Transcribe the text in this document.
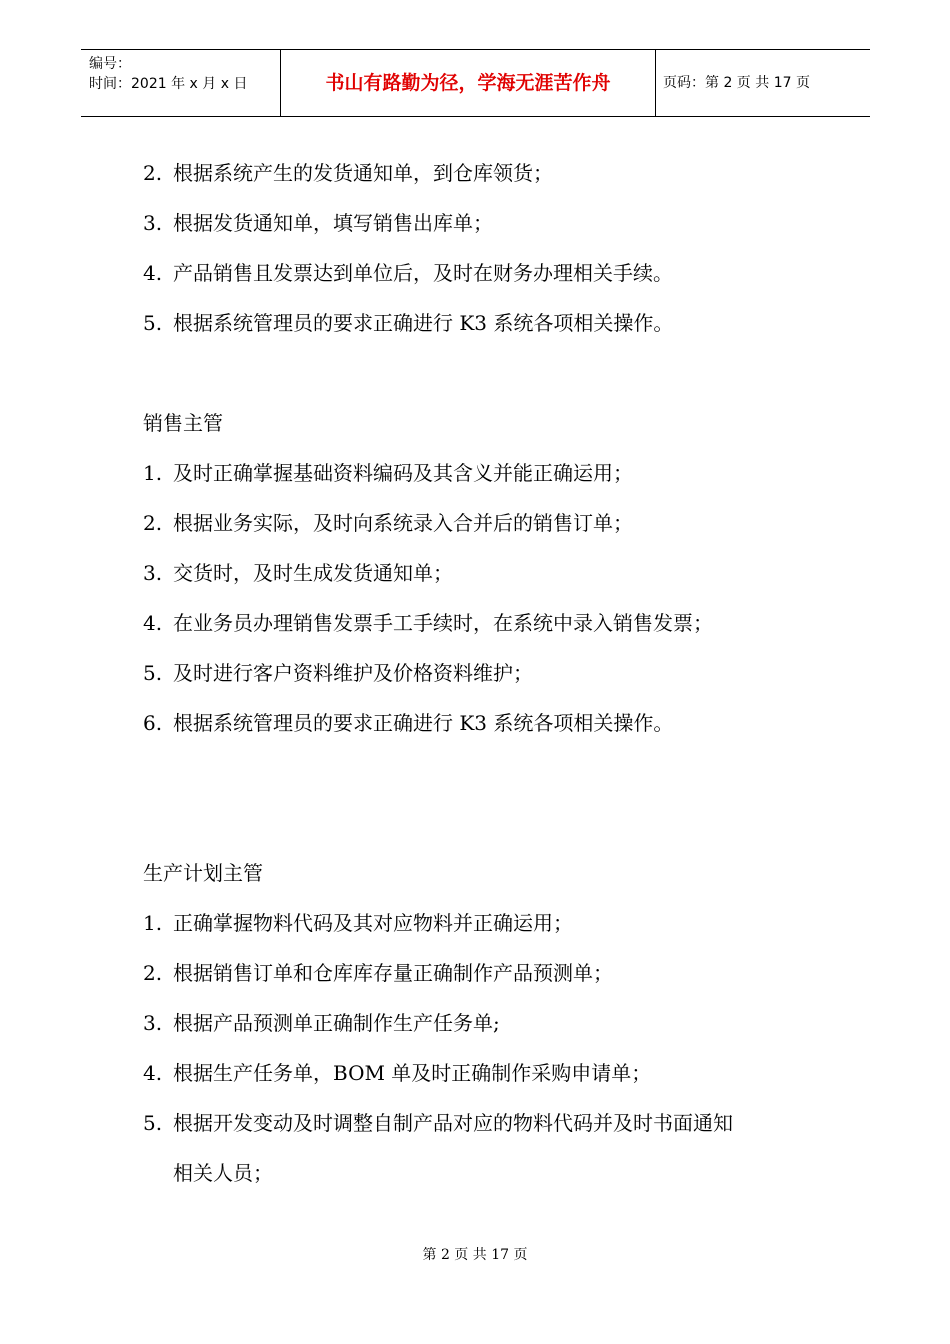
编号：
时间：2021 年 x 月 x 日	书山有路勤为径，学海无涯苦作舟	页码：第 2 页 共 17 页
2. 根据系统产生的发货通知单，到仓库领货；
3. 根据发货通知单，填写销售出库单；
4. 产品销售且发票达到单位后，及时在财务办理相关手续。
5. 根据系统管理员的要求正确进行 K3 系统各项相关操作。
销售主管
1. 及时正确掌握基础资料编码及其含义并能正确运用；
2. 根据业务实际，及时向系统录入合并后的销售订单；
3. 交货时，及时生成发货通知单；
4. 在业务员办理销售发票手工手续时，在系统中录入销售发票；
5. 及时进行客户资料维护及价格资料维护；
6. 根据系统管理员的要求正确进行 K3 系统各项相关操作。
生产计划主管
1. 正确掌握物料代码及其对应物料并正确运用；
2. 根据销售订单和仓库库存量正确制作产品预测单；
3. 根据产品预测单正确制作生产任务单;
4. 根据生产任务单，BOM 单及时正确制作采购申请单；
5. 根据开发变动及时调整自制产品对应的物料代码并及时书面通知
相关人员；
第 2 页 共 17 页
